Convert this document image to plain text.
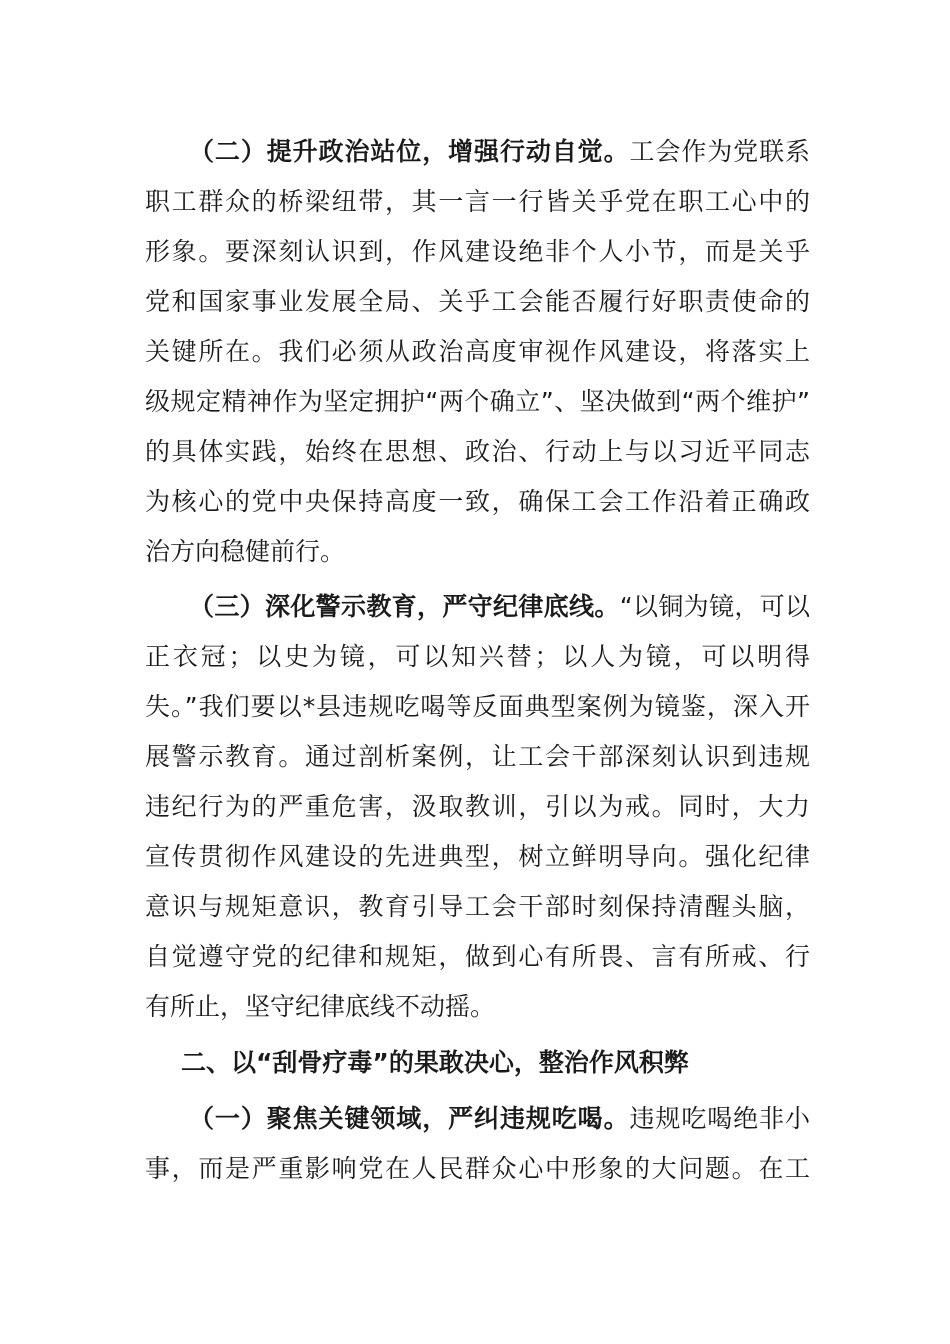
（二）提升政治站位，增强行动自觉。工会作为党联系
职工群众的桥梁纽带，其一言一行皆关乎党在职工心中的
形象。要深刻认识到，作风建设绝非个人小节，而是关乎
党和国家事业发展全局、关乎工会能否履行好职责使命的
关键所在。我们必须从政治高度审视作风建设，将落实上
级规定精神作为坚定拥护“两个确立”、坚决做到“两个维护”
的具体实践，始终在思想、政治、行动上与以习近平同志
为核心的党中央保持高度一致，确保工会工作沿着正确政
治方向稳健前行。
（三）深化警示教育，严守纪律底线。“以铜为镜，可以
正衣冠；以史为镜，可以知兴替；以人为镜，可以明得
失。”我们要以*县违规吃喝等反面典型案例为镜鉴，深入开
展警示教育。通过剖析案例，让工会干部深刻认识到违规
违纪行为的严重危害，汲取教训，引以为戒。同时，大力
宣传贯彻作风建设的先进典型，树立鲜明导向。强化纪律
意识与规矩意识，教育引导工会干部时刻保持清醒头脑，
自觉遵守党的纪律和规矩，做到心有所畏、言有所戒、行
有所止，坚守纪律底线不动摇。
二、以“刮骨疗毒”的果敢决心，整治作风积弊
（一）聚焦关键领域，严纠违规吃喝。违规吃喝绝非小
事，而是严重影响党在人民群众心中形象的大问题。在工
